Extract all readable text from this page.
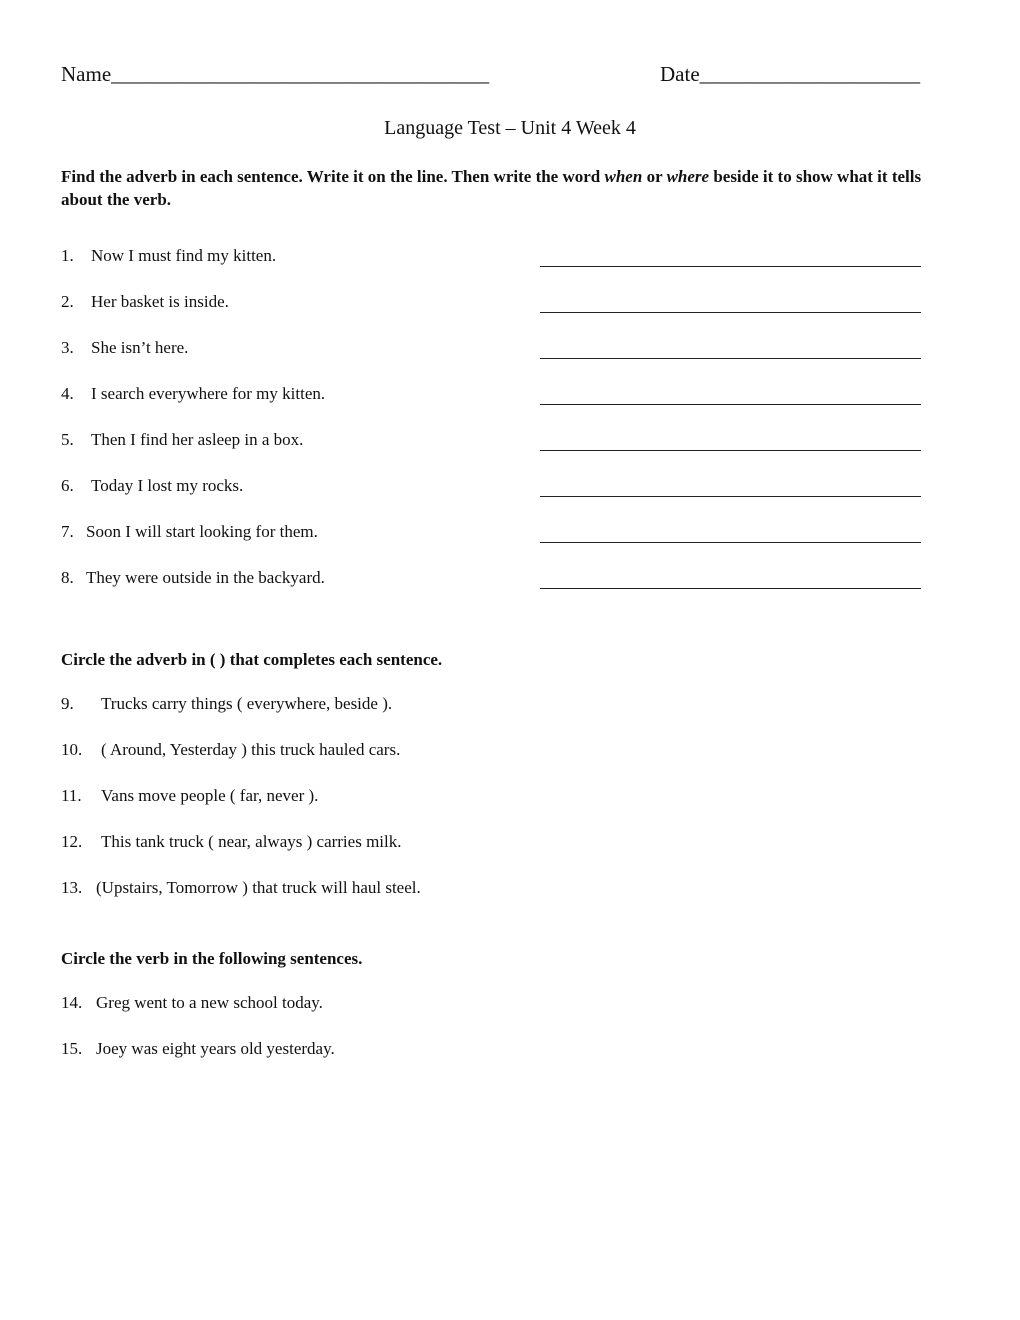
Name____________________________________	Date_____________________
Language Test – Unit 4 Week 4
Find the adverb in each sentence. Write it on the line. Then write the word when or where beside it to show what it tells about the verb.
1. Now I must find my kitten.
2. Her basket is inside.
3. She isn’t here.
4. I search everywhere for my kitten.
5. Then I find her asleep in a box.
6. Today I lost my rocks.
7. Soon I will start looking for them.
8. They were outside in the backyard.
Circle the adverb in ( ) that completes each sentence.
9. Trucks carry things ( everywhere, beside ).
10. ( Around, Yesterday ) this truck hauled cars.
11. Vans move people ( far, never ).
12. This tank truck ( near, always ) carries milk.
13. (Upstairs, Tomorrow ) that truck will haul steel.
Circle the verb in the following sentences.
14. Greg went to a new school today.
15. Joey was eight years old yesterday.
